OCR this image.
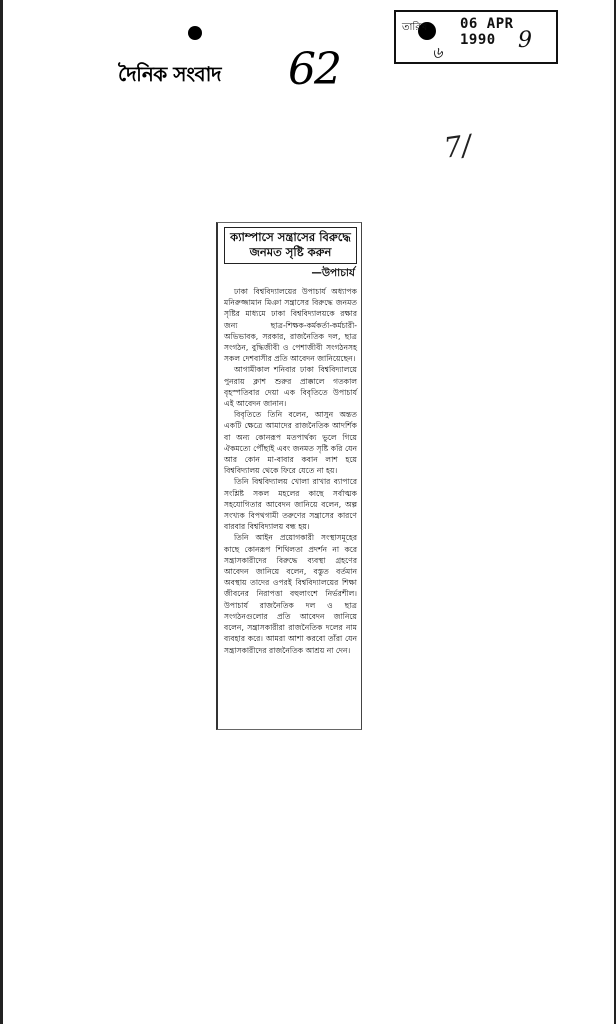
দৈনিক সংবাদ 62
তারিখ 06 APR 1990
৬	9
7/

ক্যাম্পাসে সন্ত্রাসের বিরুদ্ধে

জনমত সৃষ্টি করুন

—উপাচার্য

ঢাকা বিশ্ববিদ্যালয়ের উপাচার্য অধ্যাপক মনিরুজ্জামান মিঞা সন্ত্রাসের বিরুদ্ধে জনমত সৃষ্টির মাধ্যমে ঢাকা বিশ্ববিদ্যালয়কে রক্ষার জন্য ছাত্র-শিক্ষক-কর্মকর্তা-কর্মচারী-অভিভাবক, সরকার, রাজনৈতিক দল, ছাত্র সংগঠন, বুদ্ধিজীবী ও পেশাজীবী সংগঠনসহ সকল দেশবাসীর প্রতি আবেদন জানিয়েছেন।

আগামীকাল শনিবার ঢাকা বিশ্ববিদ্যালয়ে পুনরায় ক্লাশ শুরুর প্রাক্কালে গতকাল বৃহস্পতিবার দেয়া এক বিবৃতিতে উপাচার্য এই আবেদন জানান।

বিবৃতিতে তিনি বলেন, আসুন অন্তত একটি ক্ষেত্রে আমাদের রাজনৈতিক আদর্শিক বা অন্য কোনরূপ মতপার্থক্য ভুলে গিয়ে ঐকমত্যে পৌঁছাই এবং জনমত সৃষ্টি করি যেন আর কোন মা-বাবার কবান লাশ হয়ে বিশ্ববিদ্যালয় থেকে ফিরে যেতে না হয়।

তিনি বিশ্ববিদ্যালয় খোলা রাখার ব্যাপারে সংশ্লিষ্ট সকল মহলের কাছে সর্বাত্মক সহযোগিতার আবেদন জানিয়ে বলেন, অল্প সংখ্যক বিপথগামী তরুণের সন্ত্রাসের কারণে বারবার বিশ্ববিদ্যালয় বন্ধ হয়।

তিনি আইন প্রয়োগকারী সংস্থাসমূহের কাছে কোনরূপ শিথিলতা প্রদর্শন না করে সন্ত্রাসকারীদের বিরুদ্ধে ব্যবস্থা গ্রহণের আবেদন জানিয়ে বলেন, বস্তুত বর্তমান অবস্থায় তাদের ওপরই বিশ্ববিদ্যালয়ের শিক্ষা জীবনের নিরাপত্তা বহুলাংশে নির্ভরশীল। উপাচার্য রাজনৈতিক দল ও ছাত্র সংগঠনগুলোর প্রতি আবেদন জানিয়ে বলেন, সন্ত্রাসকারীরা রাজনৈতিক দলের নাম ব্যবহার করে। আমরা আশা করবো তাঁরা যেন সন্ত্রাসকারীদের রাজনৈতিক আশ্রয় না দেন।
